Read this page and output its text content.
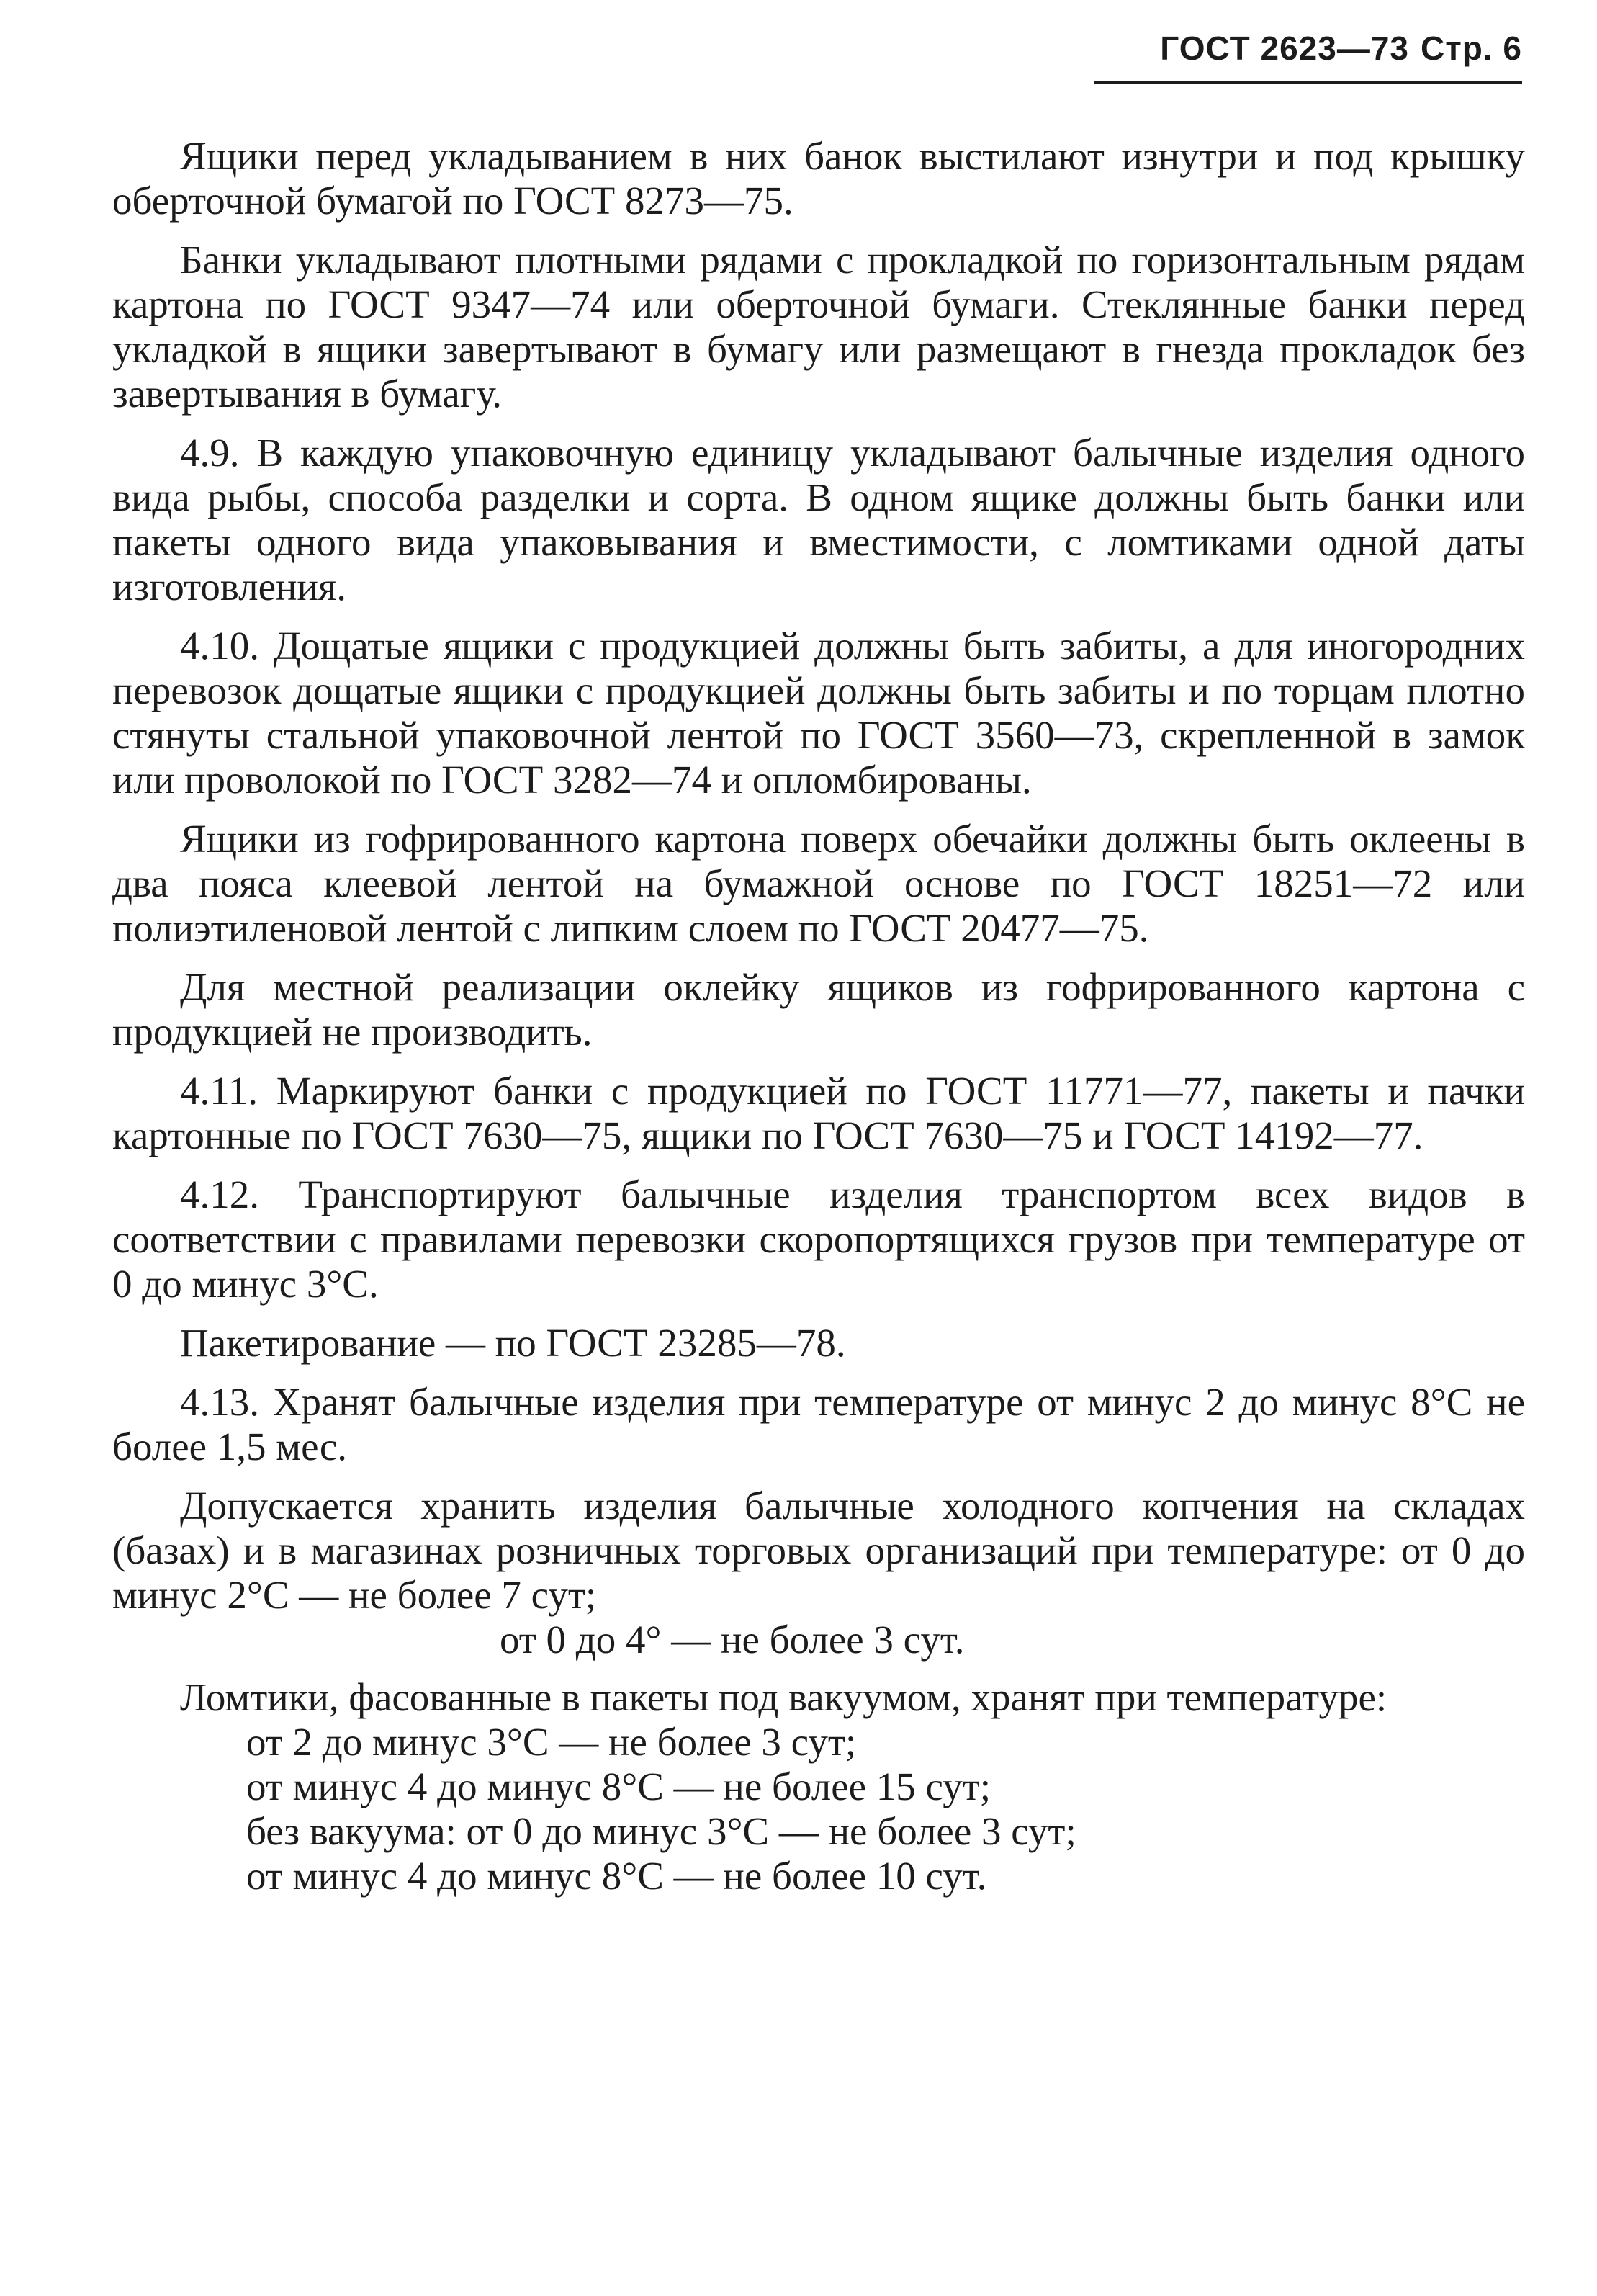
ГОСТ 2623—73 Стр. 6

Ящики перед укладыванием в них банок выстилают изнутри и под крышку оберточной бумагой по ГОСТ 8273—75.

Банки укладывают плотными рядами с прокладкой по горизонтальным рядам картона по ГОСТ 9347—74 или оберточной бумаги. Стеклянные банки перед укладкой в ящики завертывают в бумагу или размещают в гнезда прокладок без завертывания в бумагу.

4.9. В каждую упаковочную единицу укладывают балычные изделия одного вида рыбы, способа разделки и сорта. В одном ящике должны быть банки или пакеты одного вида упаковывания и вместимости, с ломтиками одной даты изготовления.

4.10. Дощатые ящики с продукцией должны быть забиты, а для иногородних перевозок дощатые ящики с продукцией должны быть забиты и по торцам плотно стянуты стальной упаковочной лентой по ГОСТ 3560—73, скрепленной в замок или проволокой по ГОСТ 3282—74 и опломбированы.

Ящики из гофрированного картона поверх обечайки должны быть оклеены в два пояса клеевой лентой на бумажной основе по ГОСТ 18251—72 или полиэтиленовой лентой с липким слоем по ГОСТ 20477—75.

Для местной реализации оклейку ящиков из гофрированного картона с продукцией не производить.

4.11. Маркируют банки с продукцией по ГОСТ 11771—77, пакеты и пачки картонные по ГОСТ 7630—75, ящики по ГОСТ 7630—75 и ГОСТ 14192—77.

4.12. Транспортируют балычные изделия транспортом всех видов в соответствии с правилами перевозки скоропортящихся грузов при температуре от 0 до минус 3°С.

Пакетирование — по ГОСТ 23285—78.

4.13. Хранят балычные изделия при температуре от минус 2 до минус 8°С не более 1,5 мес.

Допускается хранить изделия балычные холодного копчения на складах (базах) и в магазинах розничных торговых организаций при температуре: от 0 до минус 2°С — не более 7 сут;

от 0 до 4° — не более 3 сут.

Ломтики, фасованные в пакеты под вакуумом, хранят при температуре:

от 2 до минус 3°С — не более 3 сут;

от минус 4 до минус 8°С — не более 15 сут;

без вакуума: от 0 до минус 3°С — не более 3 сут;

от минус 4 до минус 8°С — не более 10 сут.
